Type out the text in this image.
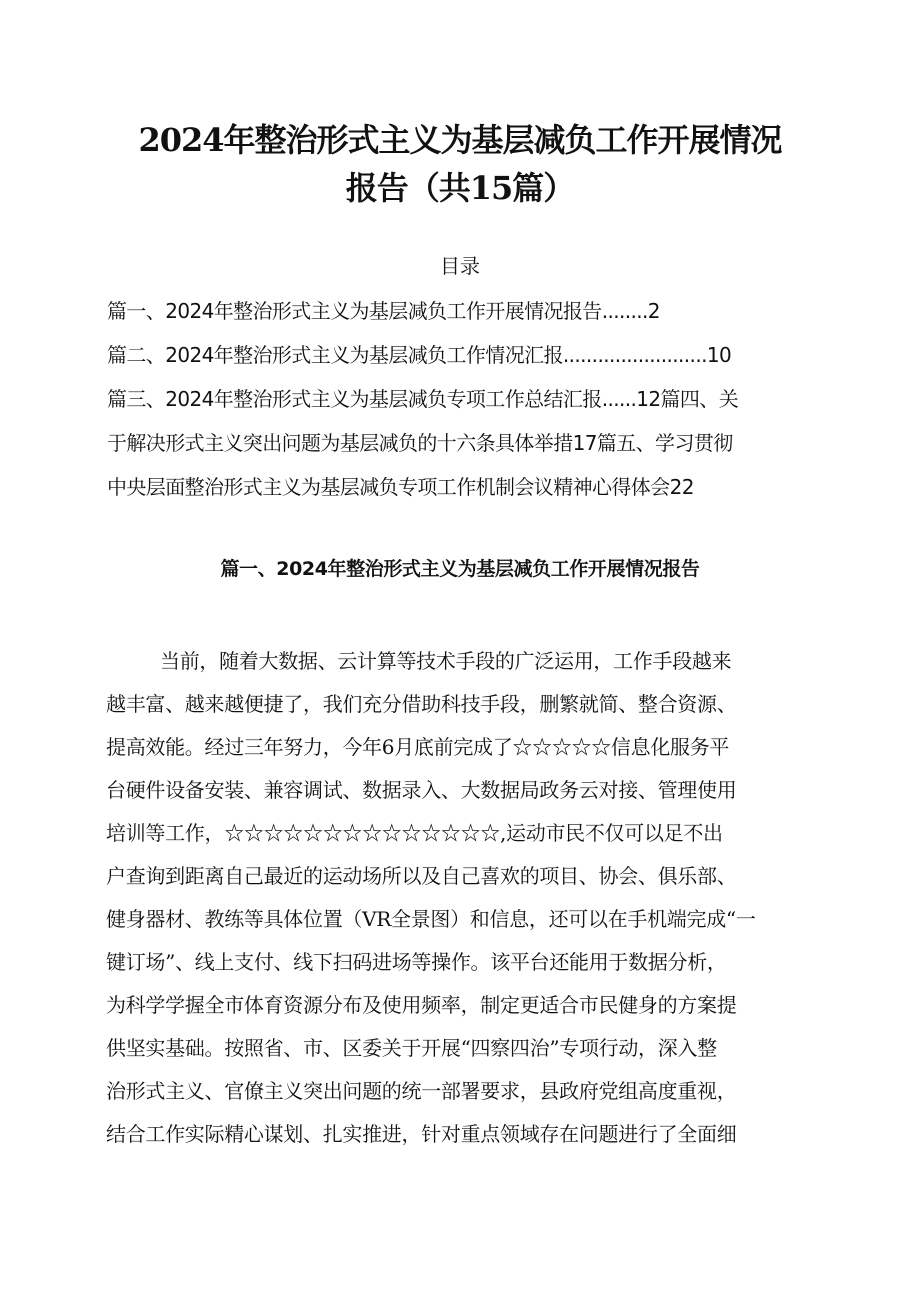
2024年整治形式主义为基层减负工作开展情况
报告（共15篇）
目录
篇一、2024年整治形式主义为基层减负工作开展情况报告........2
篇二、2024年整治形式主义为基层减负工作情况汇报.........................10
篇三、2024年整治形式主义为基层减负专项工作总结汇报......12篇四、关
于解决形式主义突出问题为基层减负的十六条具体举措17篇五、学习贯彻
中央层面整治形式主义为基层减负专项工作机制会议精神心得体会22
篇一、2024年整治形式主义为基层减负工作开展情况报告
当前，随着大数据、云计算等技术手段的广泛运用，工作手段越来
越丰富、越来越便捷了，我们充分借助科技手段，删繁就简、整合资源、
提高效能。经过三年努力，今年6月底前完成了☆☆☆☆☆信息化服务平
台硬件设备安装、兼容调试、数据录入、大数据局政务云对接、管理使用
培训等工作，☆☆☆☆☆☆☆☆☆☆☆☆☆☆,运动市民不仅可以足不出
户查询到距离自己最近的运动场所以及自己喜欢的项目、协会、俱乐部、
健身器材、教练等具体位置（VR全景图）和信息，还可以在手机端完成“一
键订场”、线上支付、线下扫码进场等操作。该平台还能用于数据分析，
为科学学握全市体育资源分布及使用频率，制定更适合市民健身的方案提
供坚实基础。按照省、市、区委关于开展“四察四治”专项行动，深入整
治形式主义、官僚主义突出问题的统一部署要求，县政府党组高度重视，
结合工作实际精心谋划、扎实推进，针对重点领域存在问题进行了全面细
